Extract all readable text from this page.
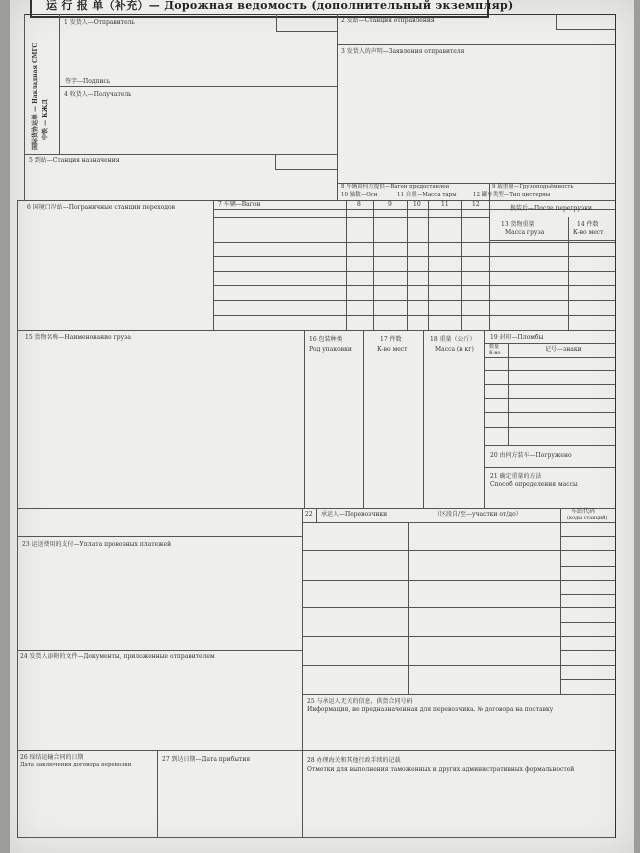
运 行 报 单（补充）— Дорожная ведомость (дополнительный экземпляр)
1 发货人—Отправитель
签字—Подпись
2 发站—Станция отправления
3 发货人的声明—Заявления отправителя
4 收货人—Получатель
5 到站—Станция назначения
8 车辆由何方提供—Вагон предоставлен	9 载重量—Грузоподъёмность
10 轴数—Оси	11 自重—Масса тары	12 罐车类型—Тип цистерны
6 国境口岸站—Пограничные станции переходов	7 车辆—Вагон	8	9	10	11	12
换装后—После перегрузки
13 货物重量
Масса груза
14 件数
К-во мест
15 货物名称—Наименование груза	16 包装种类
Род упаковки
17 件数
К-во мест
18 重量（公斤）
Масса (в кг)
19 封印—Пломбы
数量
К-во	记号—знаки
20 由何方装车—Погружено
21 确定重量的方法
Способ определения массы
22 承运人—Перевозчики	（区段自/至—участки от/до）	车站代码
(коды станций)
23 运送费用的支付—Уплата провозных платежей
24 发货人添附的文件—Документы, приложенные отправителем
25 与承运人无关的信息，供货合同号码
Информация, не предназначенная для перевозчика. № договора на поставку
26 缔结运输合同的日期
Дата заключения договора перевозки
27 到达日期—Дата прибытия	28 办理海关和其他行政手续的记载
Отметки для выполнения таможенных и других административных формальностей
